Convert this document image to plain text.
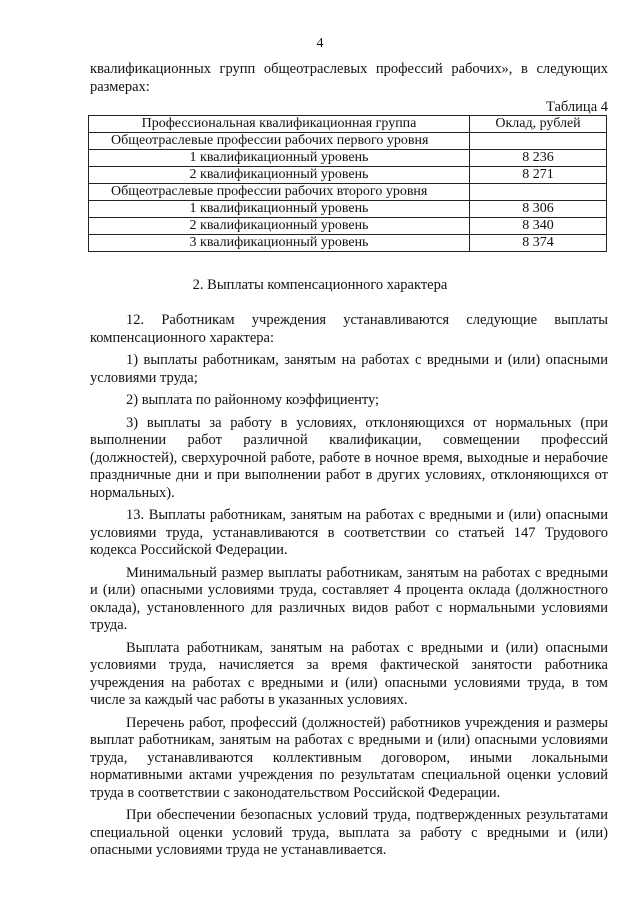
4
квалификационных групп общеотраслевых профессий рабочих», в следующих размерах:
Таблица 4
Профессиональная квалификационная группа	Оклад, рублей
Общеотраслевые профессии рабочих первого уровня	
1 квалификационный уровень	8 236
2 квалификационный уровень	8 271
Общеотраслевые профессии рабочих второго уровня	
1 квалификационный уровень	8 306
2 квалификационный уровень	8 340
3 квалификационный уровень	8 374
2. Выплаты компенсационного характера

12. Работникам учреждения устанавливаются следующие выплаты компенсационного характера:

1) выплаты работникам, занятым на работах с вредными и (или) опасными условиями труда;

2) выплата по районному коэффициенту;

3) выплаты за работу в условиях, отклоняющихся от нормальных (при выполнении работ различной квалификации, совмещении профессий (должностей), сверхурочной работе, работе в ночное время, выходные и нерабочие праздничные дни и при выполнении работ в других условиях, отклоняющихся от нормальных).

13. Выплаты работникам, занятым на работах с вредными и (или) опасными условиями труда, устанавливаются в соответствии со статьей 147 Трудового кодекса Российской Федерации.

Минимальный размер выплаты работникам, занятым на работах с вредными и (или) опасными условиями труда, составляет 4 процента оклада (должностного оклада), установленного для различных видов работ с нормальными условиями труда.

Выплата работникам, занятым на работах с вредными и (или) опасными условиями труда, начисляется за время фактической занятости работника учреждения на работах с вредными и (или) опасными условиями труда, в том числе за каждый час работы в указанных условиях.

Перечень работ, профессий (должностей) работников учреждения и размеры выплат работникам, занятым на работах с вредными и (или) опасными условиями труда, устанавливаются коллективным договором, иными локальными нормативными актами учреждения по результатам специальной оценки условий труда в соответствии с законодательством Российской Федерации.

При обеспечении безопасных условий труда, подтвержденных результатами специальной оценки условий труда, выплата за работу с вредными и (или) опасными условиями труда не устанавливается.
